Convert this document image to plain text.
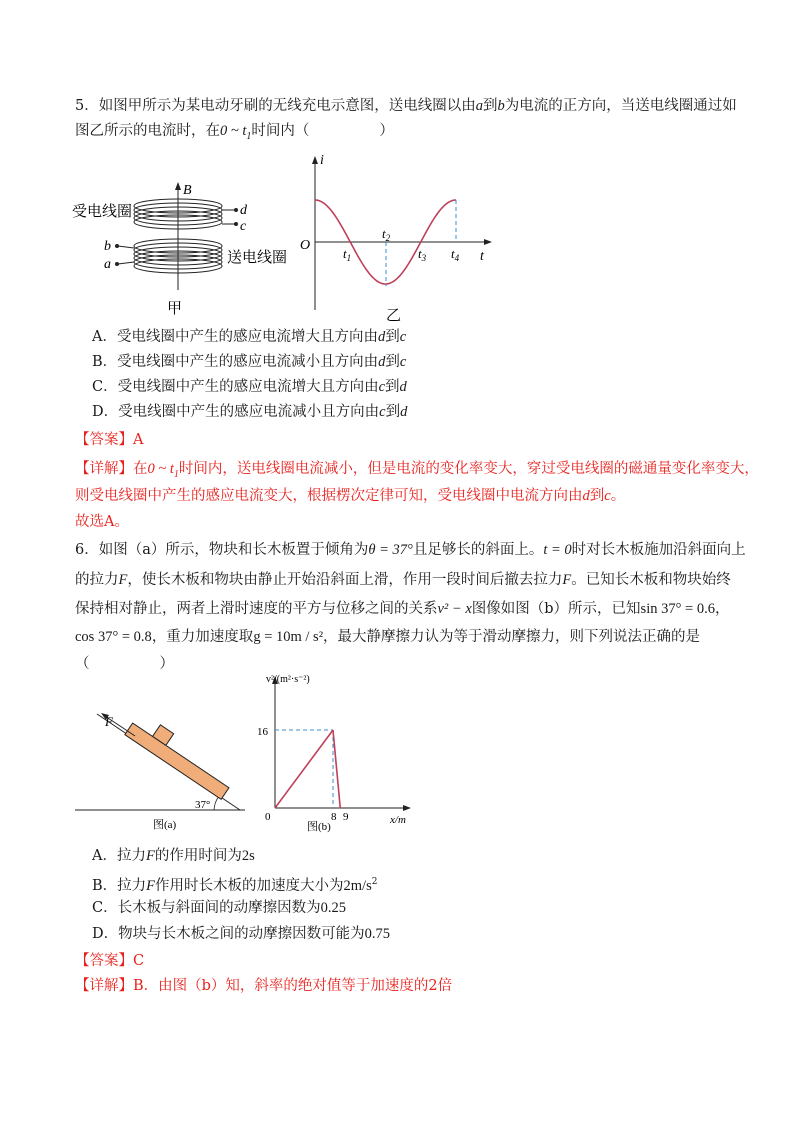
5．如图甲所示为某电动牙刷的无线充电示意图，送电线圈以由a到b为电流的正方向，当送电线圈通过如
图乙所示的电流时，在0 ~ $t_1$时间内（	）
B
d
c
b
a
受电线圈
送电线圈
甲
i
O
t
$t_1$
$t_2$
$t_3$ $t_4$
乙
A．受电线圈中产生的感应电流增大且方向由d到c
B．受电线圈中产生的感应电流减小且方向由d到c
C．受电线圈中产生的感应电流增大且方向由c到d
D．受电线圈中产生的感应电流减小且方向由c到d
【答案】A
【详解】在0 ~ $t_1$时间内，送电线圈电流减小，但是电流的变化率变大，穿过受电线圈的磁通量变化率变大，
则受电线圈中产生的感应电流变大，根据楞次定律可知，受电线圈中电流方向由d到c。
故选A。
6．如图（a）所示，物块和长木板置于倾角为θ = 37°且足够长的斜面上。t = 0时对长木板施加沿斜面向上
的拉力F，使长木板和物块由静止开始沿斜面上滑，作用一段时间后撤去拉力F。已知长木板和物块始终
保持相对静止，两者上滑时速度的平方与位移之间的关系v² − x图像如图（b）所示，已知sin 37° = 0.6，
cos 37° = 0.8，重力加速度取g = 10m / s²，最大静摩擦力认为等于滑动摩擦力，则下列说法正确的是
（	）
F
37°
图(a)
v²/(m²·s⁻²)
x/m
16
0	8 9
图(b)
A．拉力F的作用时间为2s
B．拉力F作用时长木板的加速度大小为$2m/s^2$
C．长木板与斜面间的动摩擦因数为0.25
D．物块与长木板之间的动摩擦因数可能为0.75
【答案】C
【详解】B．由图（b）知，斜率的绝对值等于加速度的2倍
